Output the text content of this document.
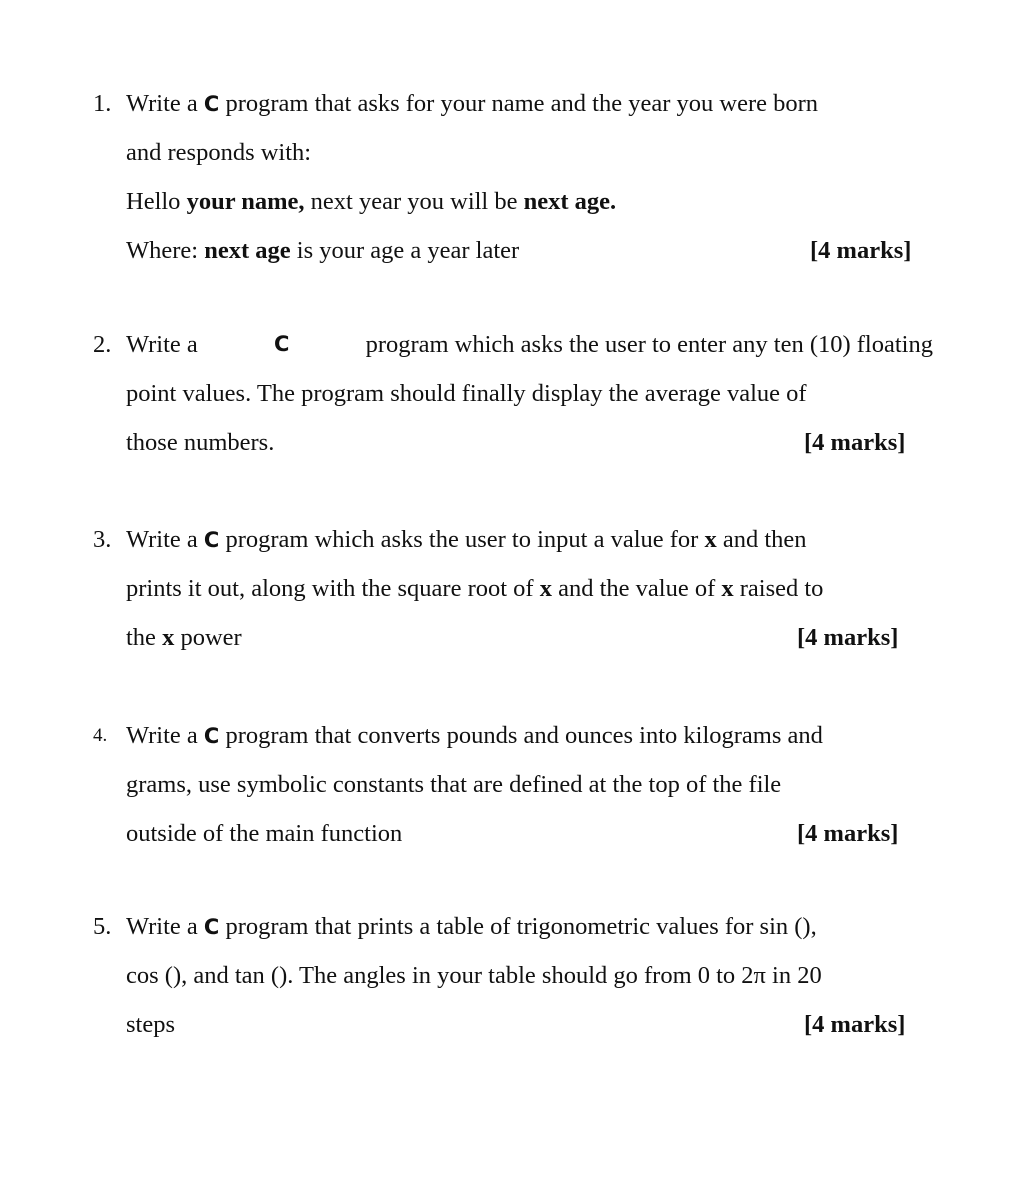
1. Write a C program that asks for your name and the year you were born
and responds with:
Hello your name, next year you will be next age.
Where: next age is your age a year later	[4 marks]
2. Write a	C	program which asks the user to enter any ten (10) floating
point values. The program should finally display the average value of
those numbers.	[4 marks]
3. Write a C program which asks the user to input a value for x and then
prints it out, along with the square root of x and the value of x raised to
the x power	[4 marks]
4. Write a C program that converts pounds and ounces into kilograms and
grams, use symbolic constants that are defined at the top of the file
outside of the main function	[4 marks]
5. Write a C program that prints a table of trigonometric values for sin (),
cos (), and tan (). The angles in your table should go from 0 to 2π in 20
steps	[4 marks]
